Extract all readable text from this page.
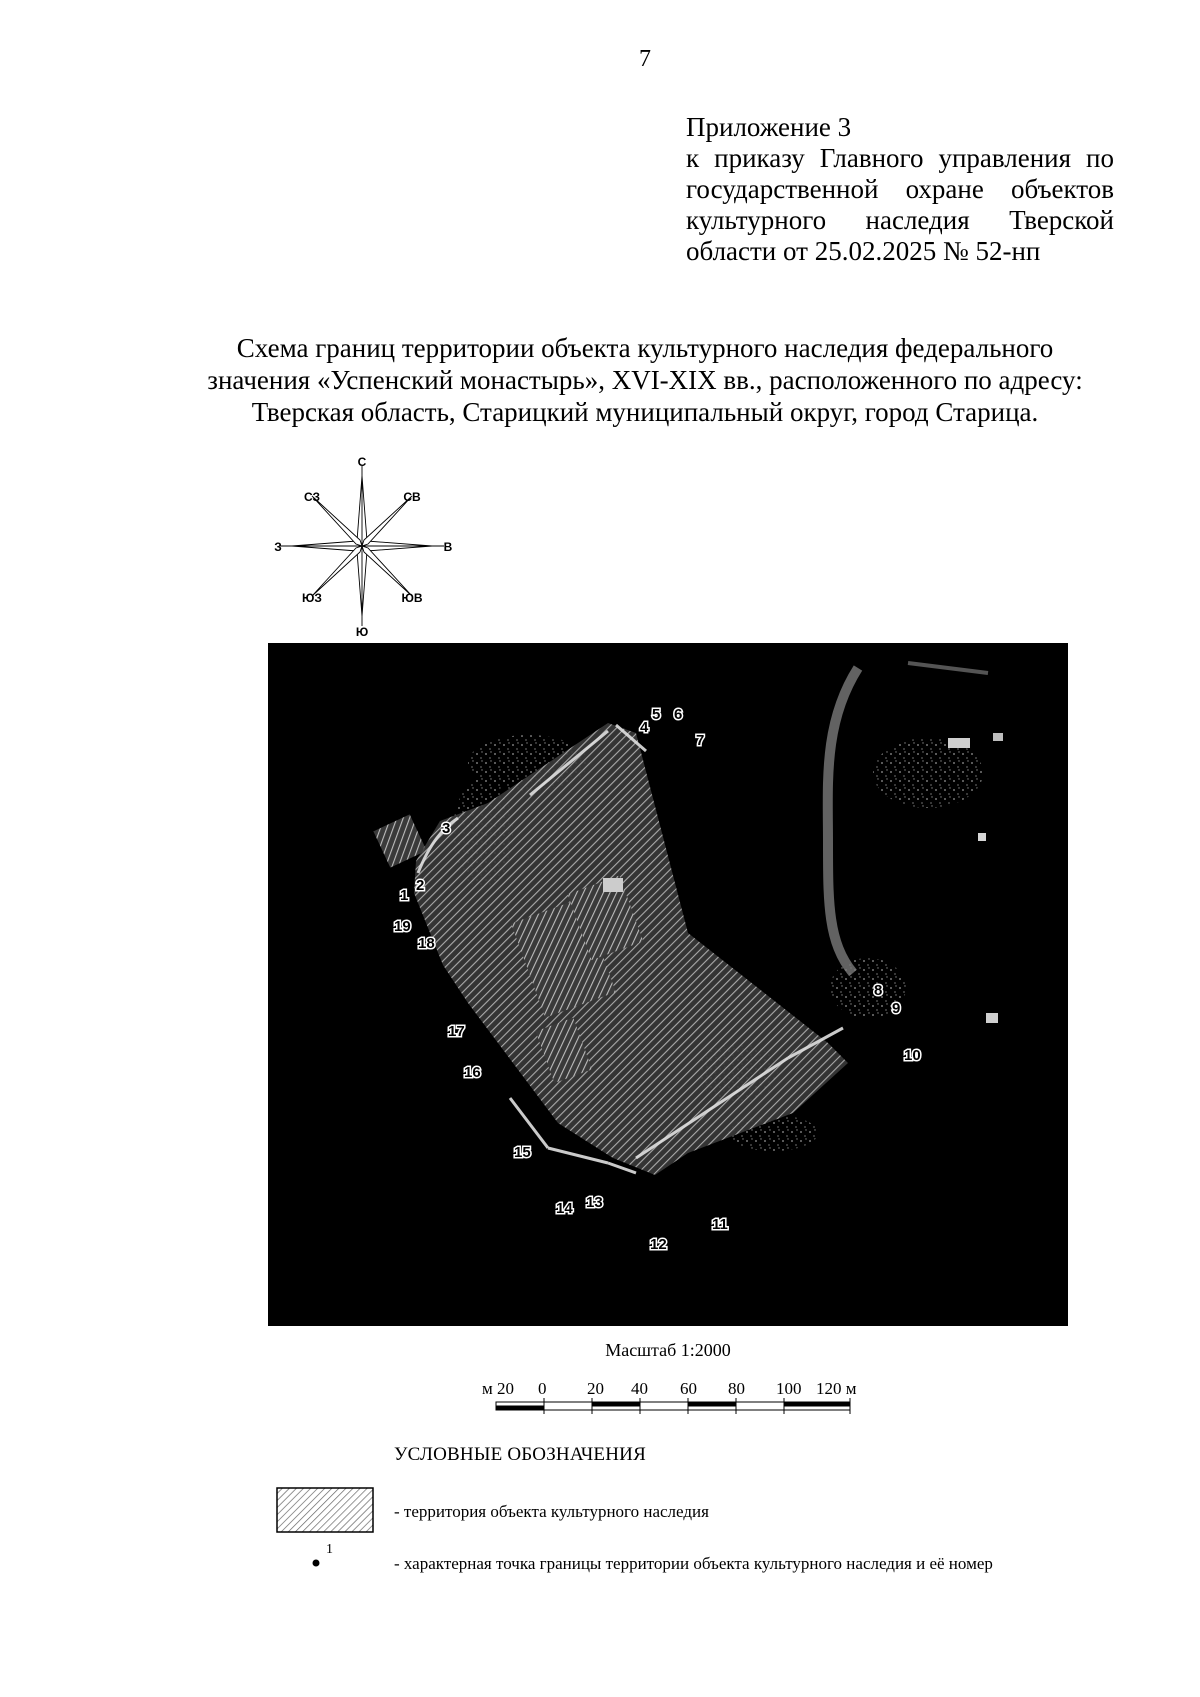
7
Приложение 3
к приказу Главного управления по
государственной охране объектов
культурного наследия Тверской
области от 25.02.2025 № 52-нп
Схема границ территории объекта культурного наследия федерального
значения «Успенский монастырь», XVI-XIX вв., расположенного по адресу:
Тверская область, Старицкий муниципальный округ, город Старица.
С
СВ
В
ЮВ
Ю
ЮЗ
З
СЗ
1
2
3
4
5 6
7
8
9
10
11
12
13
14
15
16
17
18
19
Масштаб 1:2000
м 20 0 20 40 60 80 100 120 м
УСЛОВНЫЕ ОБОЗНАЧЕНИЯ
- территория объекта культурного наследия
1
- характерная точка границы территории объекта культурного наследия и её номер
